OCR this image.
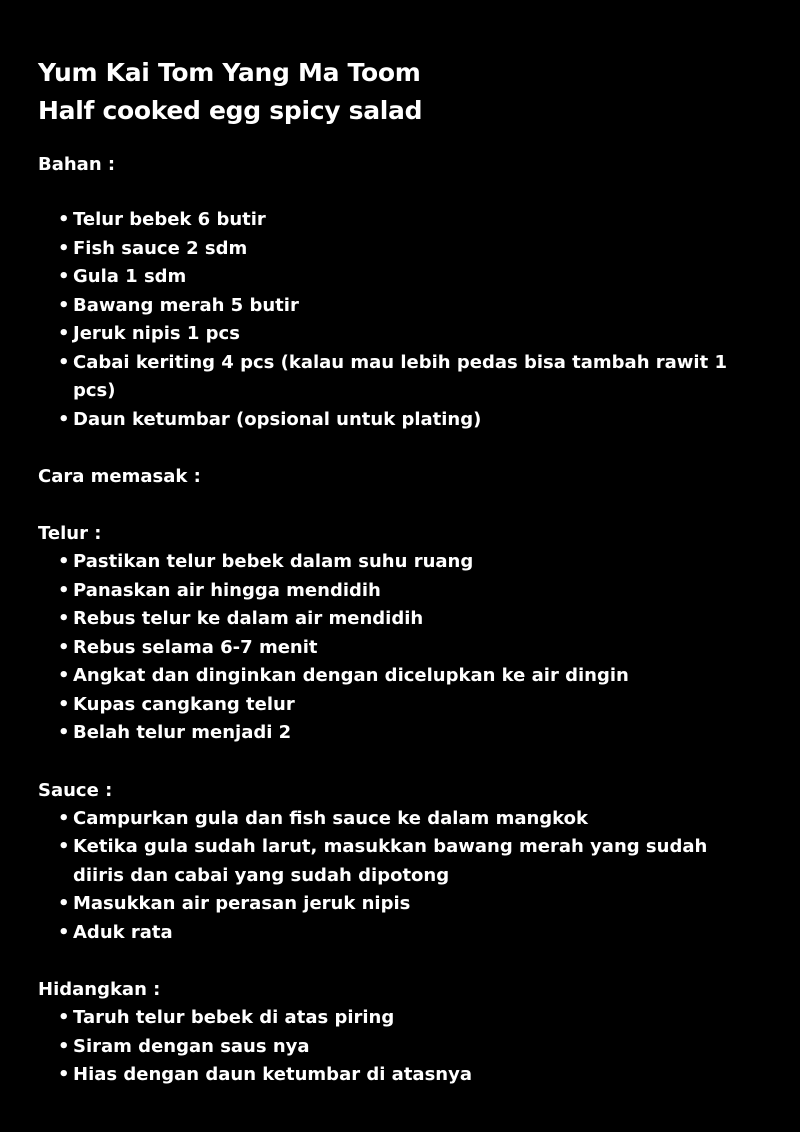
Yum Kai Tom Yang Ma Toom
Half cooked egg spicy salad

Bahan :

• Telur bebek 6 butir
• Fish sauce 2 sdm
• Gula 1 sdm
• Bawang merah 5 butir
• Jeruk nipis 1 pcs
• Cabai keriting 4 pcs (kalau mau lebih pedas bisa tambah rawit 1 pcs)
• Daun ketumbar (opsional untuk plating)

Cara memasak :

Telur :

• Pastikan telur bebek dalam suhu ruang
• Panaskan air hingga mendidih
• Rebus telur ke dalam air mendidih
• Rebus selama 6-7 menit
• Angkat dan dinginkan dengan dicelupkan ke air dingin
• Kupas cangkang telur
• Belah telur menjadi 2

Sauce :

• Campurkan gula dan fish sauce ke dalam mangkok
• Ketika gula sudah larut, masukkan bawang merah yang sudah diiris dan cabai yang sudah dipotong
• Masukkan air perasan jeruk nipis
• Aduk rata

Hidangkan :

• Taruh telur bebek di atas piring
• Siram dengan saus nya
• Hias dengan daun ketumbar di atasnya
